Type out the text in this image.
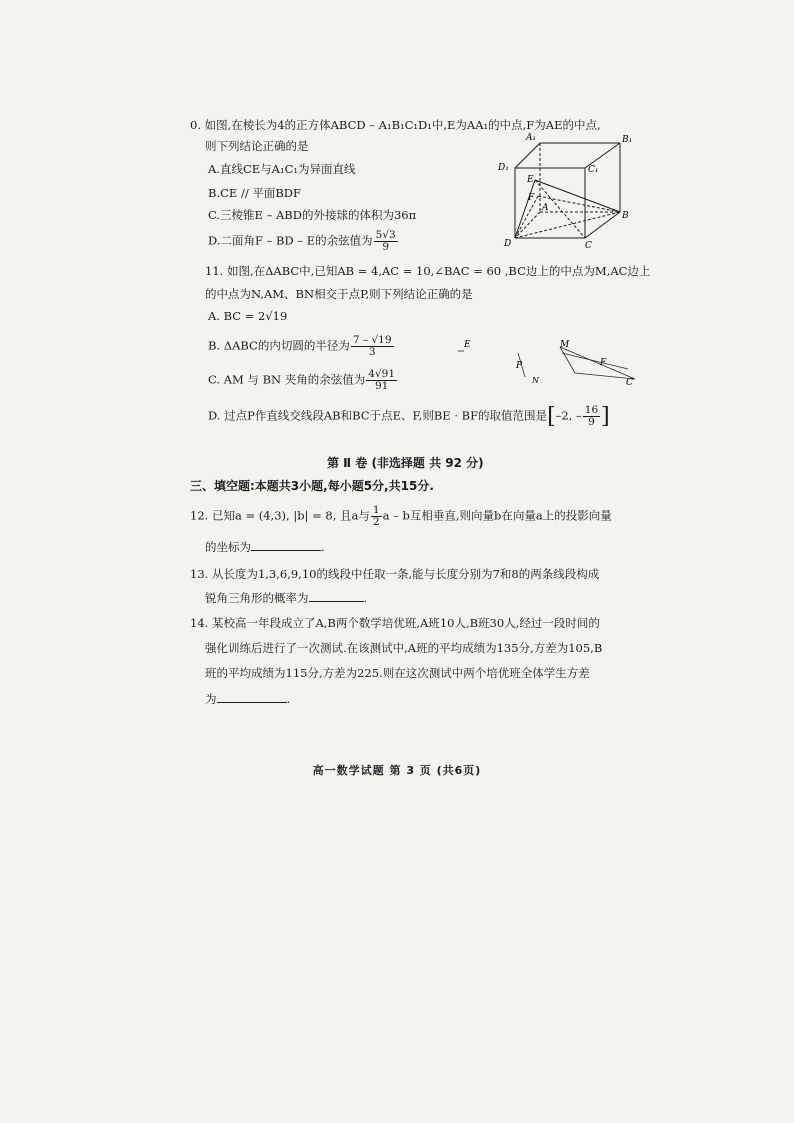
0. 如图,在棱长为4的正方体ABCD – A₁B₁C₁D₁中,E为AA₁的中点,F为AE的中点,
则下列结论正确的是
A.直线CE与A₁C₁为异面直线
B.CE // 平面BDF
C.三棱锥E – ABD的外接球的体积为36π
D.二面角F – BD – E的余弦值为 $\frac{5√3}{9}$
A₁	B₁
D₁	C₁
E
F
A
B
C
D
11. 如图,在ΔABC中,已知AB = 4,AC = 10,∠BAC = 60 ,BC边上的中点为M,AC边上
的中点为N,AM、BN相交于点P,则下列结论正确的是
A. BC = 2√19
B. ΔABC的内切圆的半径为 $\frac{7 - √19}{3}$
C. AM 与 BN 夹角的余弦值为 $\frac{4√91}{91}$
D. 过点P作直线交线段AB和BC于点E、F,则BE · BF的取值范围是[–2, – $\frac{16}{9}$ ]
E	M
P
N
F
C
第 Ⅱ 卷 (非选择题 共 92 分)
三、填空题:本题共3小题,每小题5分,共15分.
12. 已知a = (4,3), |b| = 8, 且a与 $\frac{1}{2}$ a – b互相垂直,则向量b在向量a上的投影向量
的坐标为	.
13. 从长度为1,3,6,9,10的线段中任取一条,能与长度分别为7和8的两条线段构成
锐角三角形的概率为	.
14. 某校高一年段成立了A,B两个数学培优班,A班10人,B班30人,经过一段时间的
强化训练后进行了一次测试.在该测试中,A班的平均成绩为135分,方差为105,B
班的平均成绩为115分,方差为225.则在这次测试中两个培优班全体学生方差
为	.
高一数学试题 第 3 页 (共6页)
